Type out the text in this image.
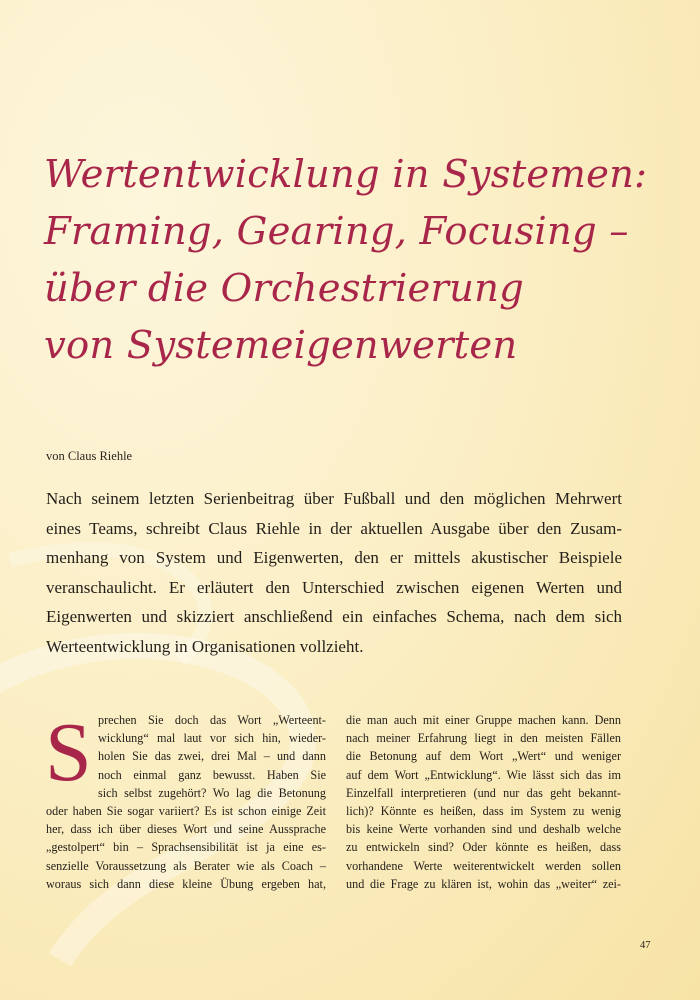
Wertentwicklung in Systemen:
Framing, Gearing, Focusing –
über die Orchestrierung
von Systemeigenwerten
von Claus Riehle
Nach seinem letzten Serienbeitrag über Fußball und den möglichen Mehrwert
eines Teams, schreibt Claus Riehle in der aktuellen Ausgabe über den Zusam-
menhang von System und Eigenwerten, den er mittels akustischer Beispiele
veranschaulicht. Er erläutert den Unterschied zwischen eigenen Werten und
Eigenwerten und skizziert anschließend ein einfaches Schema, nach dem sich
Werteentwicklung in Organisationen vollzieht.
S prechen Sie doch das Wort „Werteent-
wicklung“ mal laut vor sich hin, wieder-
holen Sie das zwei, drei Mal – und dann
noch einmal ganz bewusst. Haben Sie
sich selbst zugehört? Wo lag die Betonung
oder haben Sie sogar variiert? Es ist schon einige Zeit
her, dass ich über dieses Wort und seine Aussprache
„gestolpert“ bin – Sprachsensibilität ist ja eine es-
senzielle Voraussetzung als Berater wie als Coach –
woraus sich dann diese kleine Übung ergeben hat,
die man auch mit einer Gruppe machen kann. Denn
nach meiner Erfahrung liegt in den meisten Fällen
die Betonung auf dem Wort „Wert“ und weniger
auf dem Wort „Entwicklung“. Wie lässt sich das im
Einzelfall interpretieren (und nur das geht bekannt-
lich)? Könnte es heißen, dass im System zu wenig
bis keine Werte vorhanden sind und deshalb welche
zu entwickeln sind? Oder könnte es heißen, dass
vorhandene Werte weiterentwickelt werden sollen
und die Frage zu klären ist, wohin das „weiter“ zei-
47
